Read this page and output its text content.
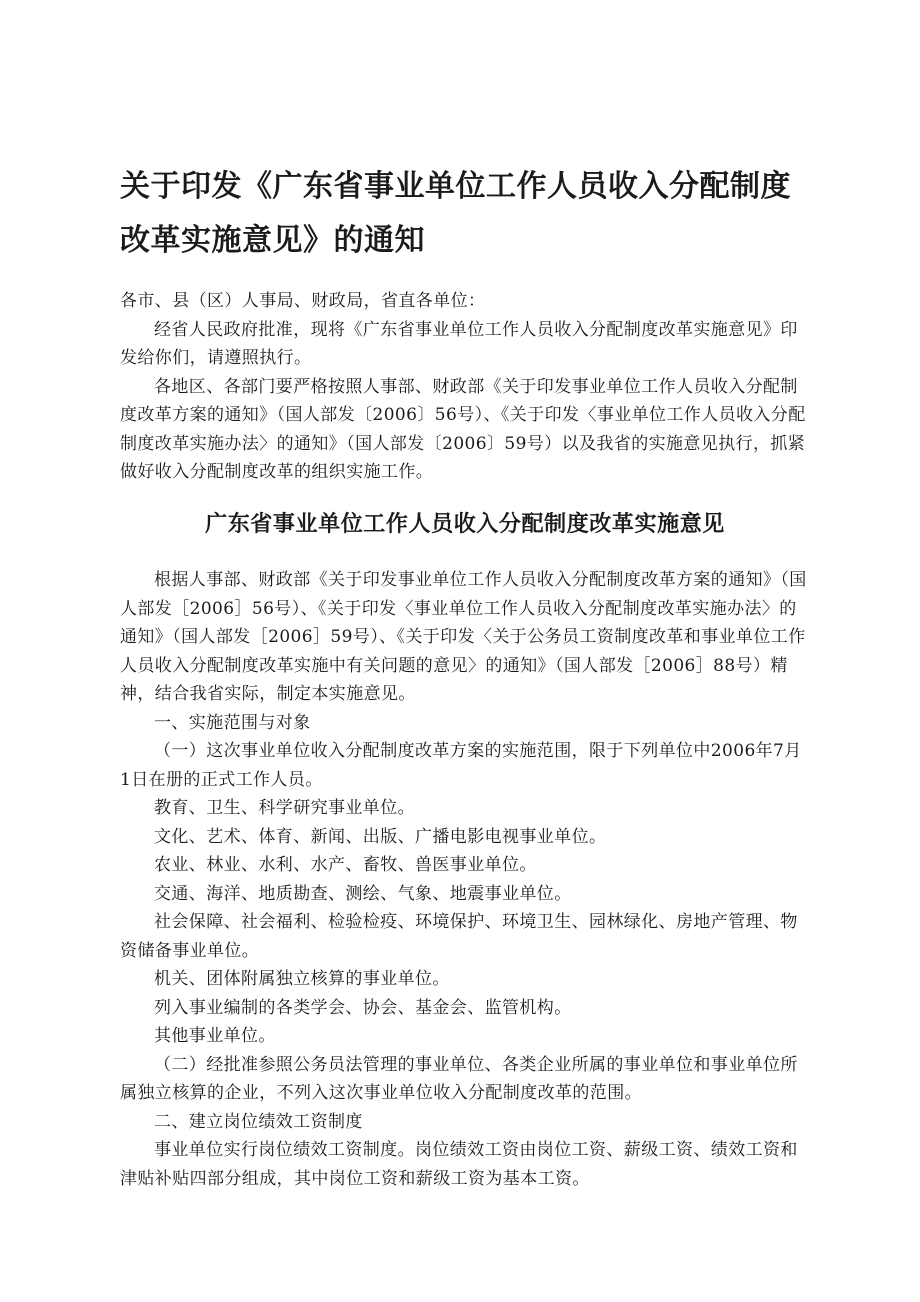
关于印发《广东省事业单位工作人员收入分配制度改革实施意见》的通知

各市、县（区）人事局、财政局，省直各单位：

经省人民政府批准，现将《广东省事业单位工作人员收入分配制度改革实施意见》印发给你们，请遵照执行。

各地区、各部门要严格按照人事部、财政部《关于印发事业单位工作人员收入分配制度改革方案的通知》（国人部发〔2006〕56号）、《关于印发〈事业单位工作人员收入分配制度改革实施办法〉的通知》（国人部发〔2006〕59号）以及我省的实施意见执行，抓紧做好收入分配制度改革的组织实施工作。

广东省事业单位工作人员收入分配制度改革实施意见

根据人事部、财政部《关于印发事业单位工作人员收入分配制度改革方案的通知》（国人部发［2006］56号）、《关于印发〈事业单位工作人员收入分配制度改革实施办法〉的通知》（国人部发［2006］59号）、《关于印发〈关于公务员工资制度改革和事业单位工作人员收入分配制度改革实施中有关问题的意见〉的通知》（国人部发［2006］88号）精神，结合我省实际，制定本实施意见。

一、实施范围与对象

（一）这次事业单位收入分配制度改革方案的实施范围，限于下列单位中2006年7月1日在册的正式工作人员。

教育、卫生、科学研究事业单位。

文化、艺术、体育、新闻、出版、广播电影电视事业单位。

农业、林业、水利、水产、畜牧、兽医事业单位。

交通、海洋、地质勘查、测绘、气象、地震事业单位。

社会保障、社会福利、检验检疫、环境保护、环境卫生、园林绿化、房地产管理、物资储备事业单位。

机关、团体附属独立核算的事业单位。

列入事业编制的各类学会、协会、基金会、监管机构。

其他事业单位。

（二）经批准参照公务员法管理的事业单位、各类企业所属的事业单位和事业单位所属独立核算的企业，不列入这次事业单位收入分配制度改革的范围。

二、建立岗位绩效工资制度

事业单位实行岗位绩效工资制度。岗位绩效工资由岗位工资、薪级工资、绩效工资和津贴补贴四部分组成，其中岗位工资和薪级工资为基本工资。
